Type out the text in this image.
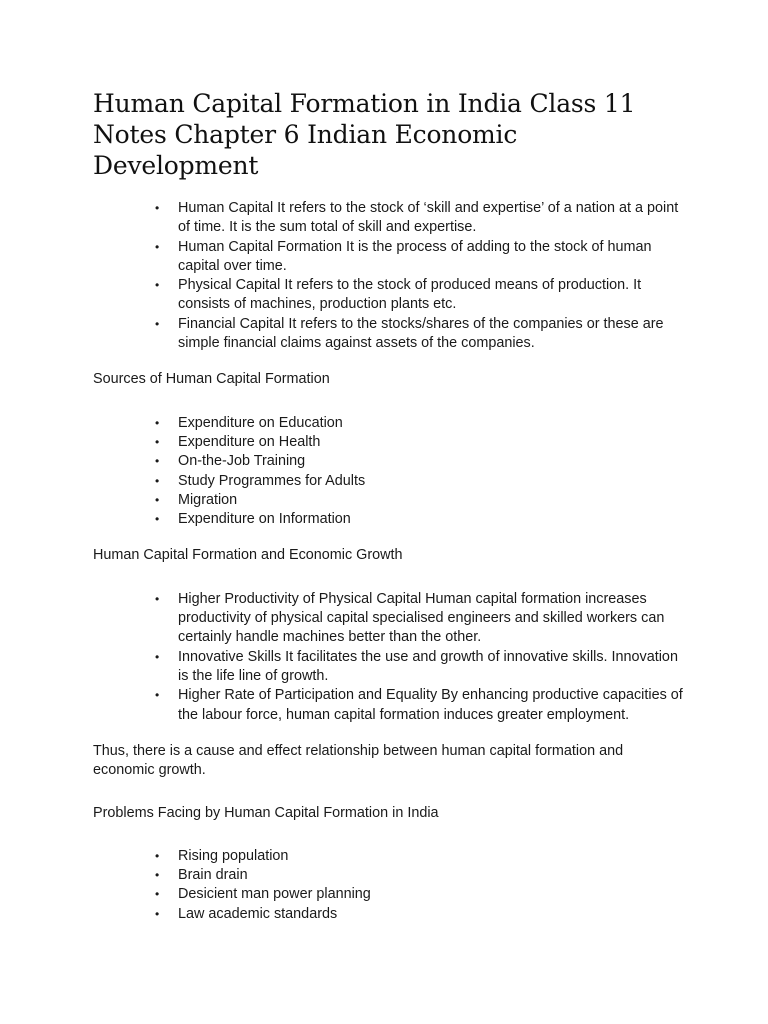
Human Capital Formation in India Class 11 Notes Chapter 6 Indian Economic Development
• Human Capital It refers to the stock of ‘skill and expertise’ of a nation at a point of time. It is the sum total of skill and expertise.
• Human Capital Formation It is the process of adding to the stock of human capital over time.
• Physical Capital It refers to the stock of produced means of production. It consists of machines, production plants etc.
• Financial Capital It refers to the stocks/shares of the companies or these are simple financial claims against assets of the companies.

Sources of Human Capital Formation

• Expenditure on Education
• Expenditure on Health
• On-the-Job Training
• Study Programmes for Adults
• Migration
• Expenditure on Information

Human Capital Formation and Economic Growth

• Higher Productivity of Physical Capital Human capital formation increases productivity of physical capital specialised engineers and skilled workers can certainly handle machines better than the other.
• Innovative Skills It facilitates the use and growth of innovative skills. Innovation is the life line of growth.
• Higher Rate of Participation and Equality By enhancing productive capacities of the labour force, human capital formation induces greater employment.

Thus, there is a cause and effect relationship between human capital formation and economic growth.

Problems Facing by Human Capital Formation in India

• Rising population
• Brain drain
• Desicient man power planning
• Law academic standards
